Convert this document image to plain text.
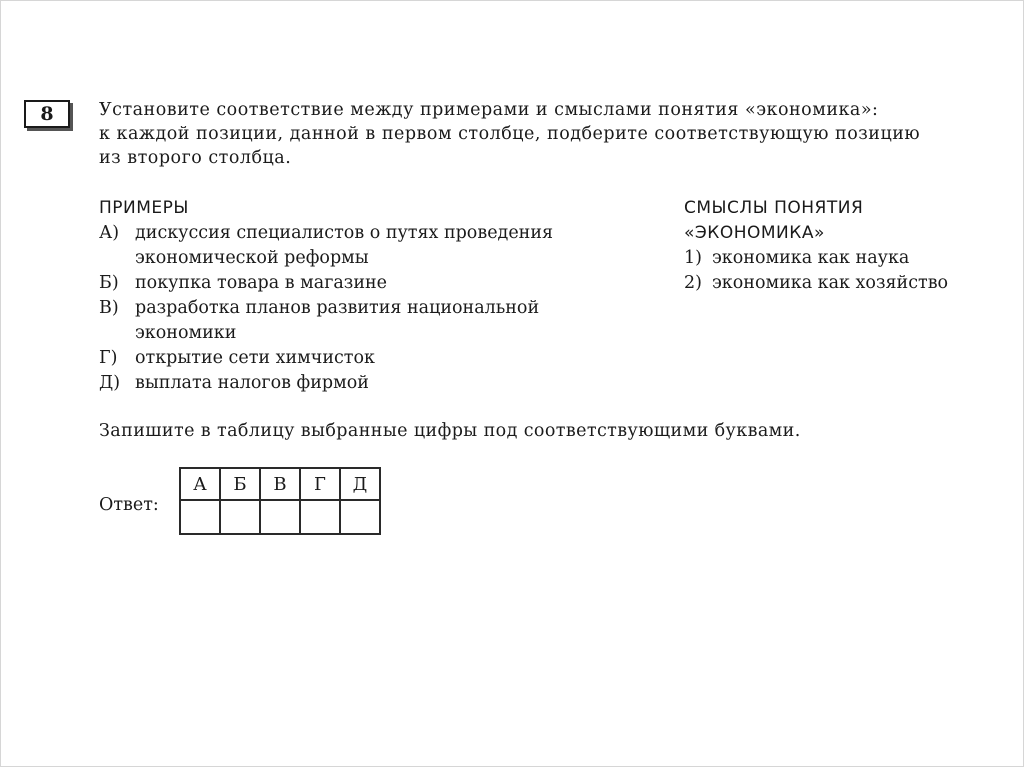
8	Установите соответствие между примерами и смыслами понятия «экономика»:
к каждой позиции, данной в первом столбце, подберите соответствующую позицию
из второго столбца.
ПРИМЕРЫ
А) дискуссия специалистов о путях проведения экономической реформы
Б) покупка товара в магазине
В) разработка планов развития национальной экономики
Г)	открытие сети химчисток
Д) выплата налогов фирмой
СМЫСЛЫ ПОНЯТИЯ
«ЭКОНОМИКА»
1) экономика как наука
2) экономика как хозяйство
Запишите в таблицу выбранные цифры под соответствующими буквами.
Ответ:
А	Б	В	Г	Д
